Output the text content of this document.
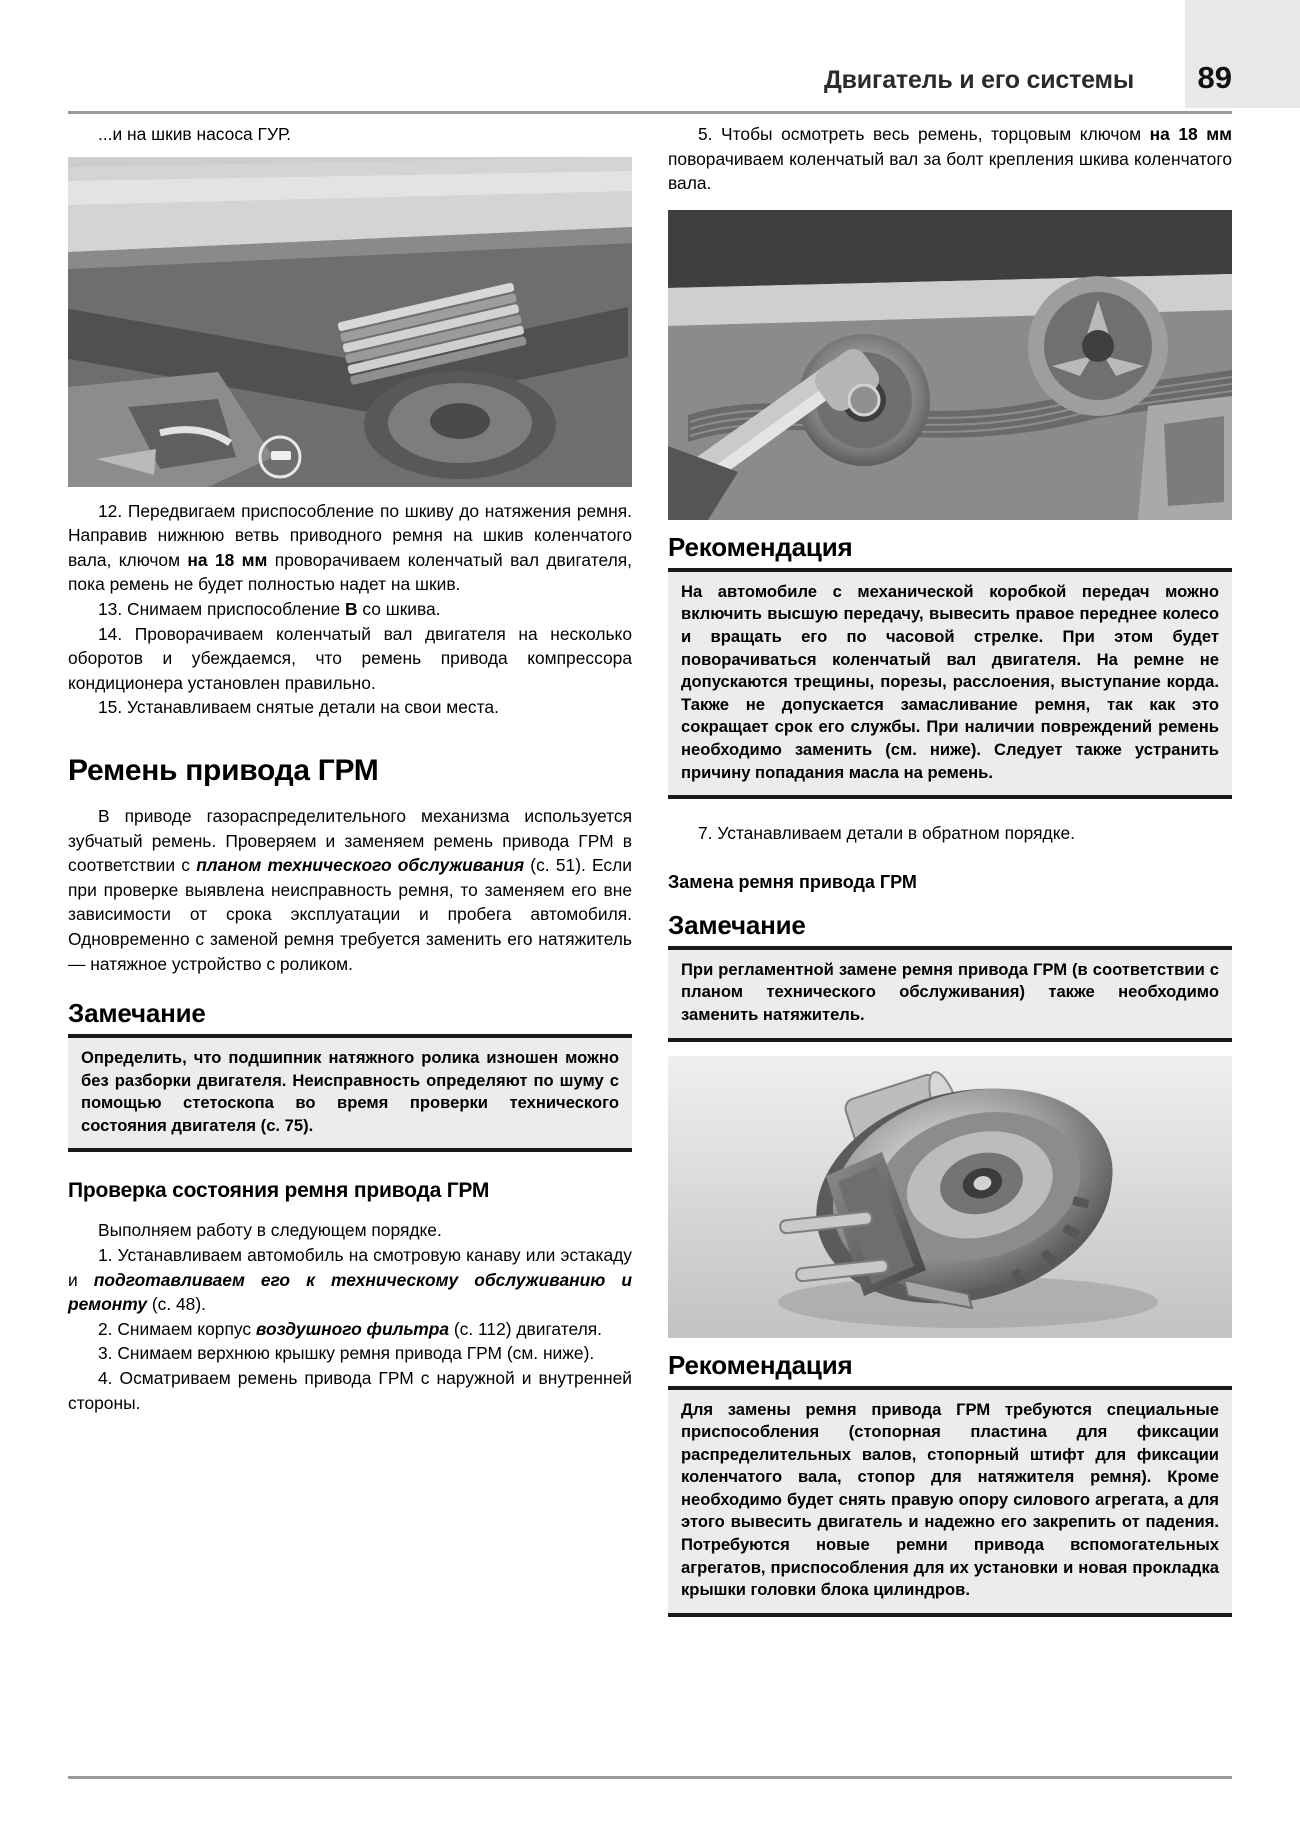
Двигатель и его системы	89

...и на шкив насоса ГУР.

12. Передвигаем приспособление по шкиву до натяжения ремня. Направив нижнюю ветвь приводного ремня на шкив коленчатого вала, ключом на 18 мм проворачиваем коленчатый вал двигателя, пока ремень не будет полностью надет на шкив.

13. Снимаем приспособление В со шкива.

14. Проворачиваем коленчатый вал двигателя на несколько оборотов и убеждаемся, что ремень привода компрессора кондиционера установлен правильно.

15. Устанавливаем снятые детали на свои места.

Ремень привода ГРМ

В приводе газораспределительного механизма используется зубчатый ремень. Проверяем и заменяем ремень привода ГРМ в соответствии с планом технического обслуживания (с. 51). Если при проверке выявлена неисправность ремня, то заменяем его вне зависимости от срока эксплуатации и пробега автомобиля. Одновременно с заменой ремня требуется заменить его натяжитель — натяжное устройство с роликом.

Замечание

Определить, что подшипник натяжного ролика изношен можно без разборки двигателя. Неисправность определяют по шуму с помощью стетоскопа во время проверки технического состояния двигателя (с. 75).

Проверка состояния ремня привода ГРМ

Выполняем работу в следующем порядке.

1. Устанавливаем автомобиль на смотровую канаву или эстакаду и подготавливаем его к техническому обслуживанию и ремонту (с. 48).

2. Снимаем корпус воздушного фильтра (с. 112) двигателя.

3. Снимаем верхнюю крышку ремня привода ГРМ (см. ниже).

4. Осматриваем ремень привода ГРМ с наружной и внутренней стороны.

5. Чтобы осмотреть весь ремень, торцовым ключом на 18 мм поворачиваем коленчатый вал за болт крепления шкива коленчатого вала.

Рекомендация

На автомобиле с механической коробкой передач можно включить высшую передачу, вывесить правое переднее колесо и вращать его по часовой стрелке. При этом будет поворачиваться коленчатый вал двигателя. На ремне не допускаются трещины, порезы, расслоения, выступание корда. Также не допускается замасливание ремня, так как это сокращает срок его службы. При наличии повреждений ремень необходимо заменить (см. ниже). Следует также устранить причину попадания масла на ремень.

7. Устанавливаем детали в обратном порядке.

Замена ремня привода ГРМ
Замечание

При регламентной замене ремня привода ГРМ (в соответствии с планом технического обслуживания) также необходимо заменить натяжитель.

Рекомендация

Для замены ремня привода ГРМ требуются специальные приспособления (стопорная пластина для фиксации распределительных валов, стопорный штифт для фиксации коленчатого вала, стопор для натяжителя ремня). Кроме необходимо будет снять правую опору силового агрегата, а для этого вывесить двигатель и надежно его закрепить от падения. Потребуются новые ремни привода вспомогательных агрегатов, приспособления для их установки и новая прокладка крышки головки блока цилиндров.
